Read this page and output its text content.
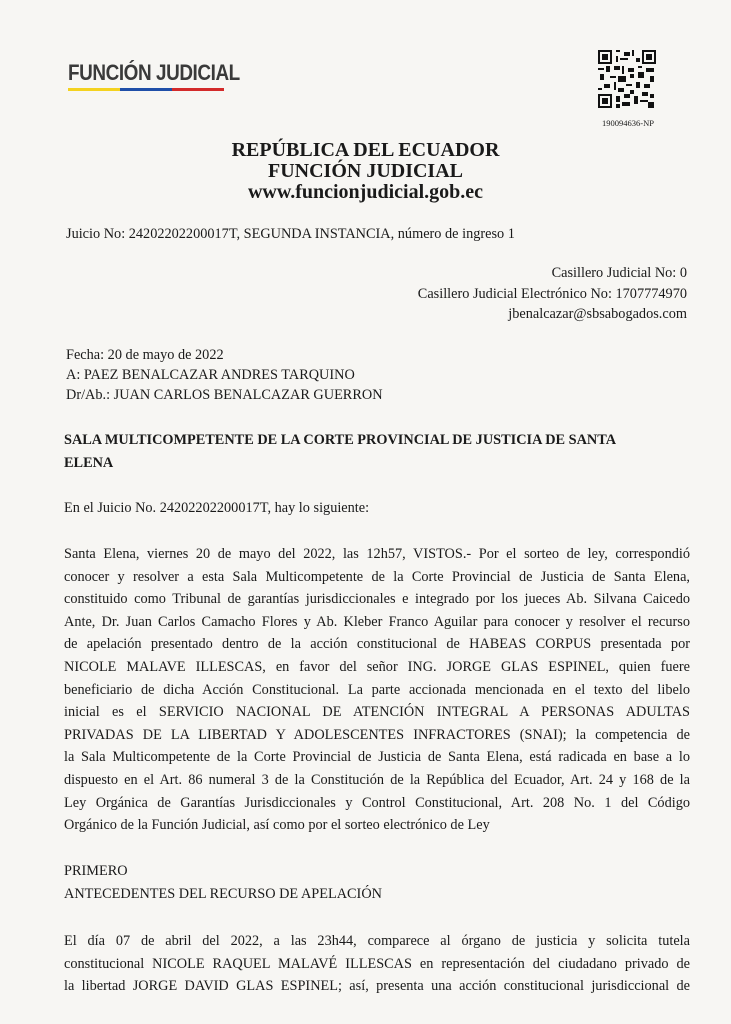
FUNCIÓN JUDICIAL
190094636-NP
REPÚBLICA DEL ECUADOR
FUNCIÓN JUDICIAL
www.funcionjudicial.gob.ec
Juicio No: 24202202200017T, SEGUNDA INSTANCIA, número de ingreso 1
Casillero Judicial No: 0
Casillero Judicial Electrónico No: 1707774970
jbenalcazar@sbsabogados.com
Fecha: 20 de mayo de 2022
A: PAEZ BENALCAZAR ANDRES TARQUINO
Dr/Ab.: JUAN CARLOS BENALCAZAR GUERRON
SALA MULTICOMPETENTE DE LA CORTE PROVINCIAL DE JUSTICIA DE SANTA
ELENA
En el Juicio No. 24202202200017T, hay lo siguiente:
Santa Elena, viernes 20 de mayo del 2022, las 12h57, VISTOS.- Por el sorteo de ley, correspondió
conocer y resolver a esta Sala Multicompetente de la Corte Provincial de Justicia de Santa Elena,
constituido como Tribunal de garantías jurisdiccionales e integrado por los jueces Ab. Silvana Caicedo
Ante, Dr. Juan Carlos Camacho Flores y Ab. Kleber Franco Aguilar para conocer y resolver el recurso
de apelación presentado dentro de la acción constitucional de HABEAS CORPUS presentada por
NICOLE MALAVE ILLESCAS, en favor del señor ING. JORGE GLAS ESPINEL, quien fuere
beneficiario de dicha Acción Constitucional. La parte accionada mencionada en el texto del libelo
inicial es el SERVICIO NACIONAL DE ATENCIÓN INTEGRAL A PERSONAS ADULTAS
PRIVADAS DE LA LIBERTAD Y ADOLESCENTES INFRACTORES (SNAI); la competencia de
la Sala Multicompetente de la Corte Provincial de Justicia de Santa Elena, está radicada en base a lo
dispuesto en el Art. 86 numeral 3 de la Constitución de la República del Ecuador, Art. 24 y 168 de la
Ley Orgánica de Garantías Jurisdiccionales y Control Constitucional, Art. 208 No. 1 del Código
Orgánico de la Función Judicial, así como por el sorteo electrónico de Ley
PRIMERO
ANTECEDENTES DEL RECURSO DE APELACIÓN
El día 07 de abril del 2022, a las 23h44, comparece al órgano de justicia y solicita tutela
constitucional NICOLE RAQUEL MALAVÉ ILLESCAS en representación del ciudadano privado de
la libertad JORGE DAVID GLAS ESPINEL; así, presenta una acción constitucional jurisdiccional de
